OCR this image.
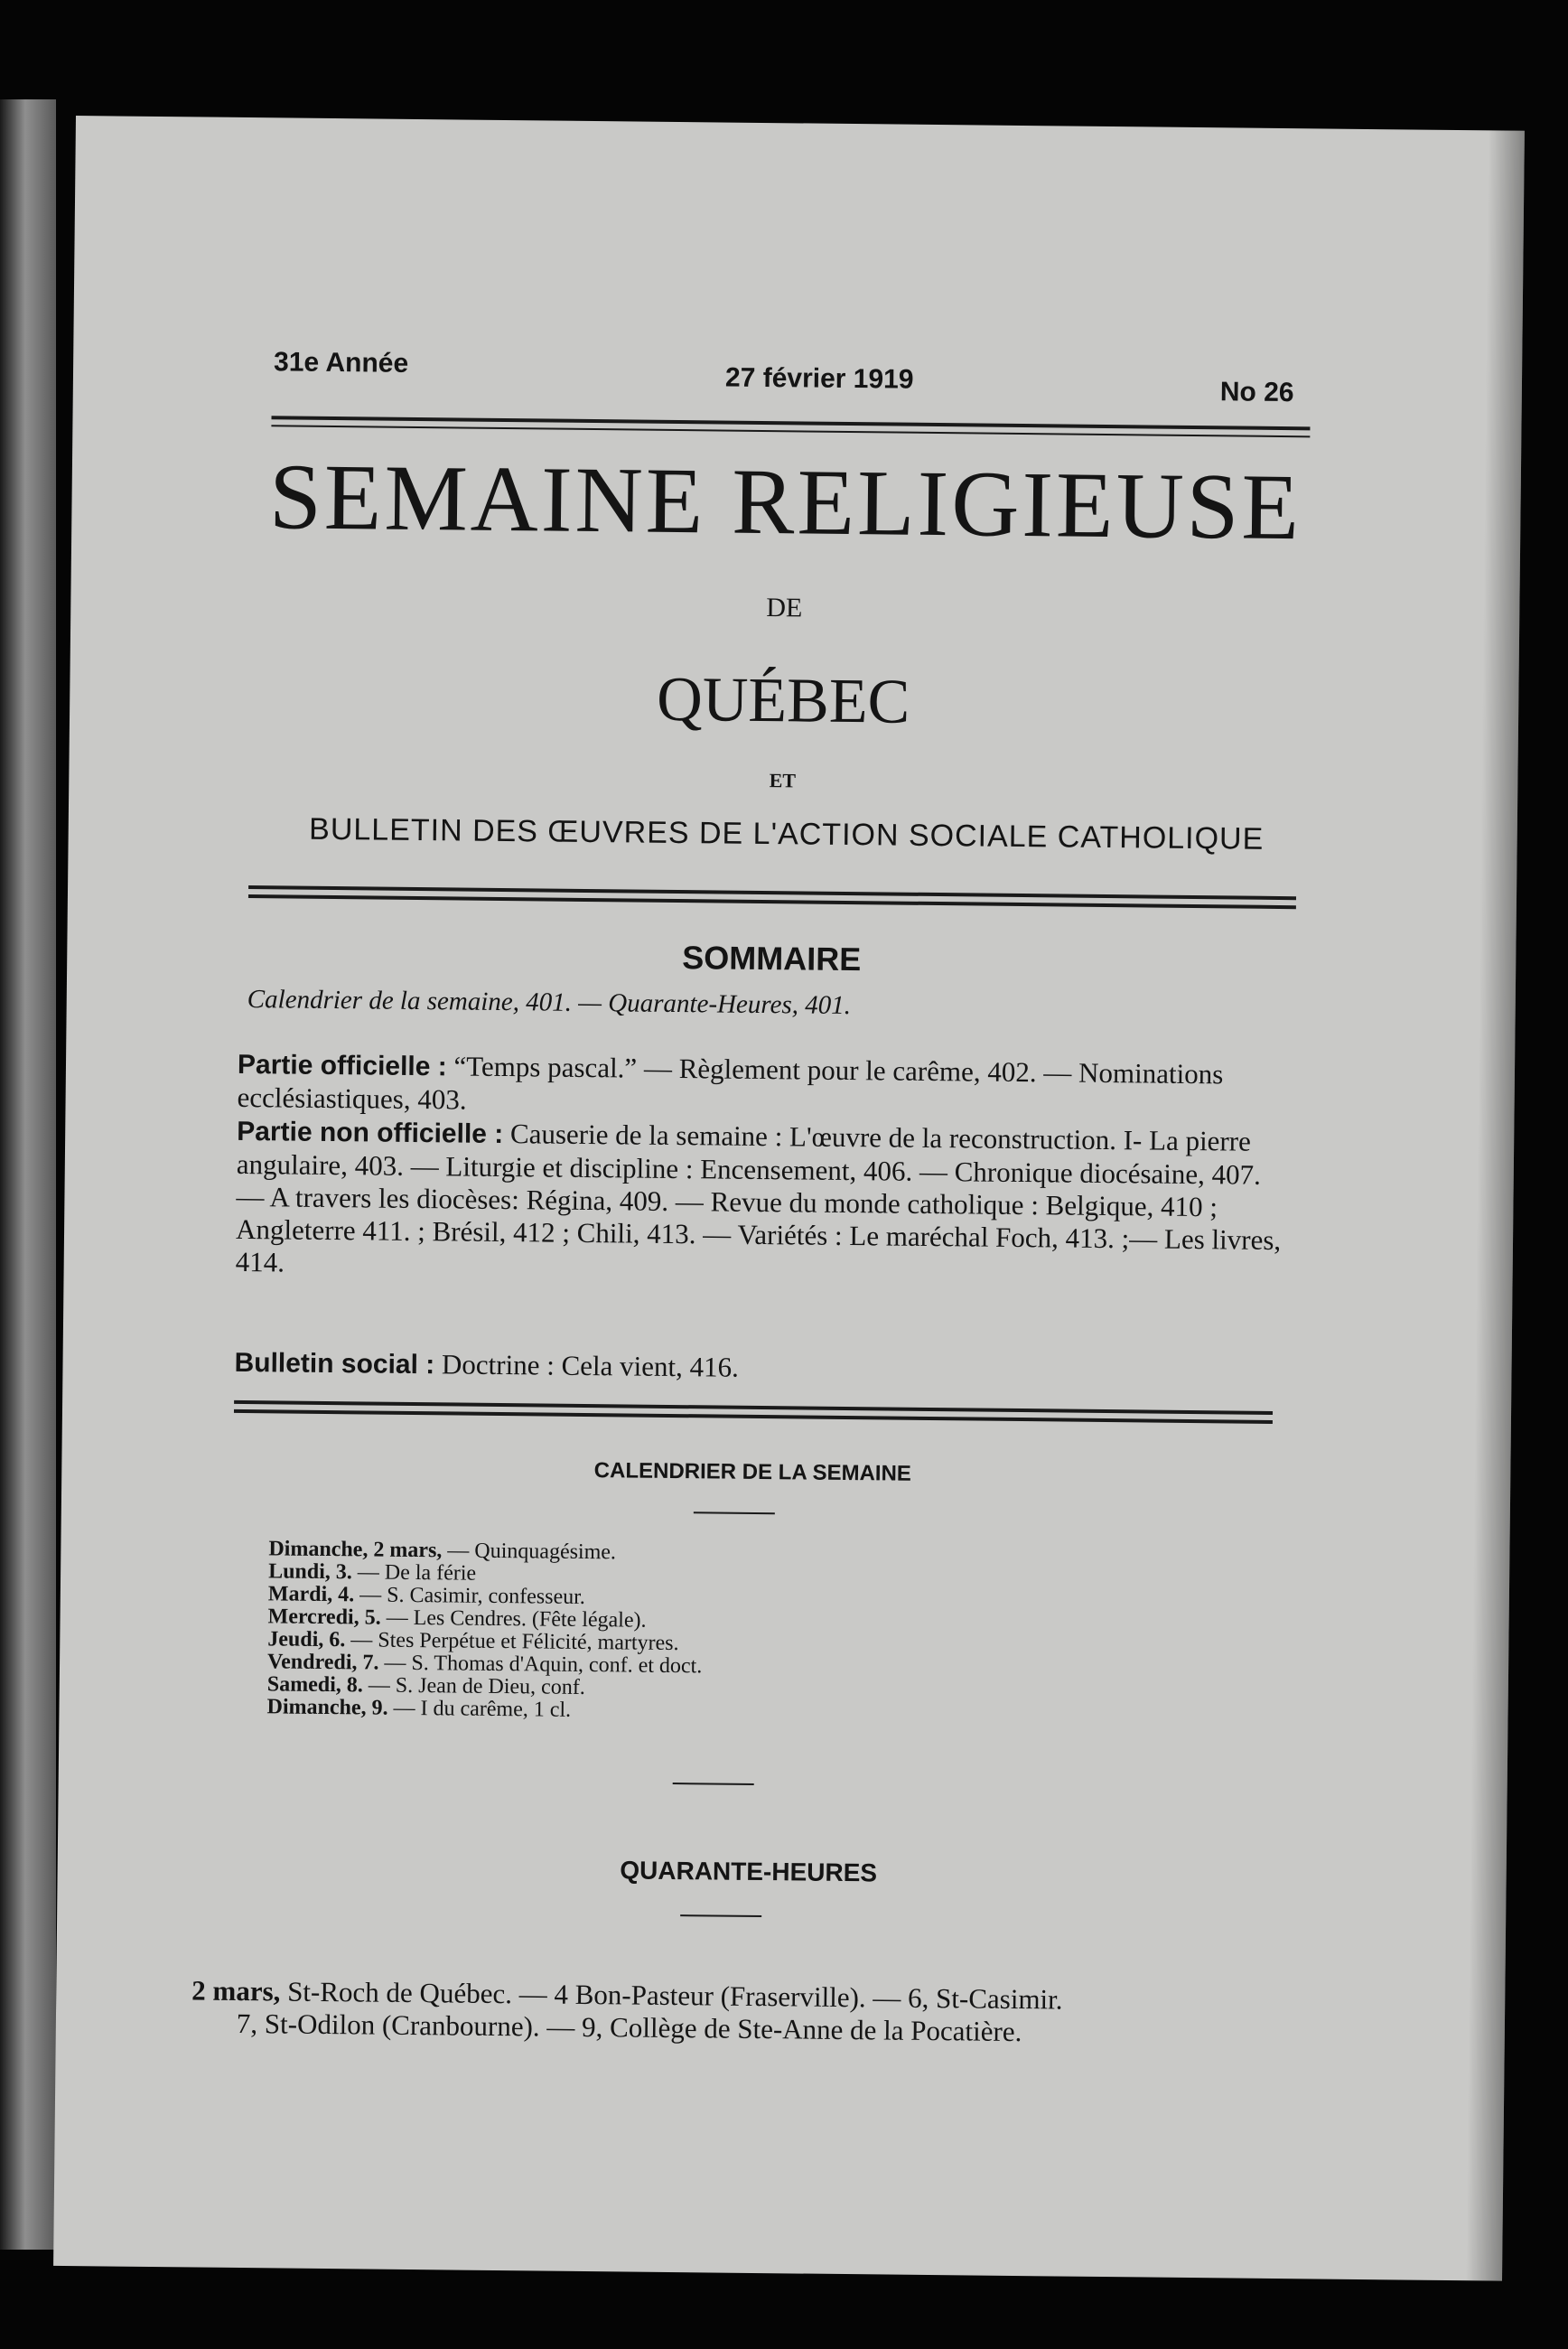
31e Année	27 février 1919	No 26
SEMAINE RELIGIEUSE
DE
QUÉBEC
ET
BULLETIN DES ŒUVRES DE L'ACTION SOCIALE CATHOLIQUE
SOMMAIRE
Calendrier de la semaine, 401. — Quarante-Heures, 401.
Partie officielle : “Temps pascal.” — Règlement pour le carême, 402. — Nominations ecclésiastiques, 403.
Partie non officielle : Causerie de la semaine : L'œuvre de la reconstruction. I- La pierre angulaire, 403. — Liturgie et discipline : Encensement, 406. — Chronique diocésaine, 407. — A travers les diocèses: Régina, 409. — Revue du monde catholique : Belgique, 410 ; Angleterre 411. ; Brésil, 412 ; Chili, 413. — Variétés : Le maréchal Foch, 413. ;— Les livres, 414.
Bulletin social : Doctrine : Cela vient, 416.
CALENDRIER DE LA SEMAINE

Dimanche, 2 mars, — Quinquagésime.

Lundi, 3. — De la férie

Mardi, 4. — S. Casimir, confesseur.

Mercredi, 5. — Les Cendres. (Fête légale).

Jeudi, 6. — Stes Perpétue et Félicité, martyres.

Vendredi, 7. — S. Thomas d'Aquin, conf. et doct.

Samedi, 8. — S. Jean de Dieu, conf.

Dimanche, 9. — I du carême, 1 cl.

QUARANTE-HEURES

2 mars, St-Roch de Québec. — 4 Bon-Pasteur (Fraserville). — 6, St-Casimir.

7, St-Odilon (Cranbourne). — 9, Collège de Ste-Anne de la Pocatière.
